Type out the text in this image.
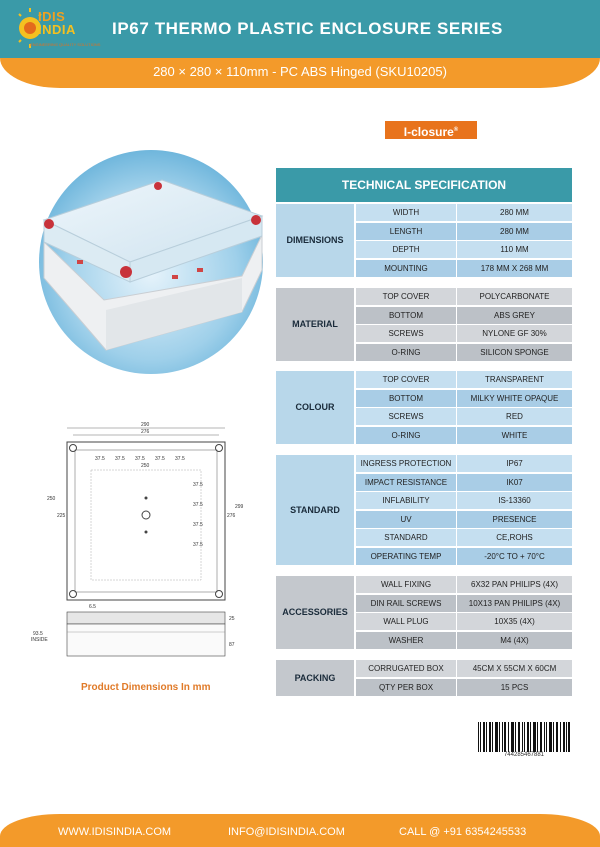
IDIS
INDIA
ENGINEERING QUALITY SOLUTIONS
IP67 THERMO PLASTIC ENCLOSURE SERIES
280 × 280 × 110mm - PC ABS Hinged (SKU10205)
I-closure®
290
276
37.5 37.5 37.5 37.5 37.5
250
250
225
37.5
37.5
37.5
37.5
299
276
6.5
25
93.5
INSIDE
87
Product Dimensions In mm
TECHNICAL SPECIFICATION
DIMENSIONS
WIDTH	280 MM
LENGTH	280 MM
DEPTH	110 MM
MOUNTING	178 MM X 268 MM
MATERIAL
TOP COVER	POLYCARBONATE
BOTTOM	ABS GREY
SCREWS	NYLONE GF 30%
O-RING	SILICON SPONGE
COLOUR
TOP COVER	TRANSPARENT
BOTTOM	MILKY WHITE OPAQUE
SCREWS	RED
O-RING	WHITE
STANDARD
INGRESS PROTECTION	IP67
IMPACT RESISTANCE	IK07
INFLABILITY	IS-13360
UV	PRESENCE
STANDARD	CE,ROHS
OPERATING TEMP	-20°C TO + 70°C
ACCESSORIES
WALL FIXING	6X32 PAN PHILIPS (4X)
DIN RAIL SCREWS	10X13 PAN PHILIPS (4X)
WALL PLUG	10X35 (4X)
WASHER	M4 (4X)
PACKING
CORRUGATED BOX	45CM X 55CM X 60CM
QTY PER BOX	15 PCS
744285467881
WWW.IDISINDIA.COM	INFO@IDISINDIA.COM	CALL @ +91 6354245533
